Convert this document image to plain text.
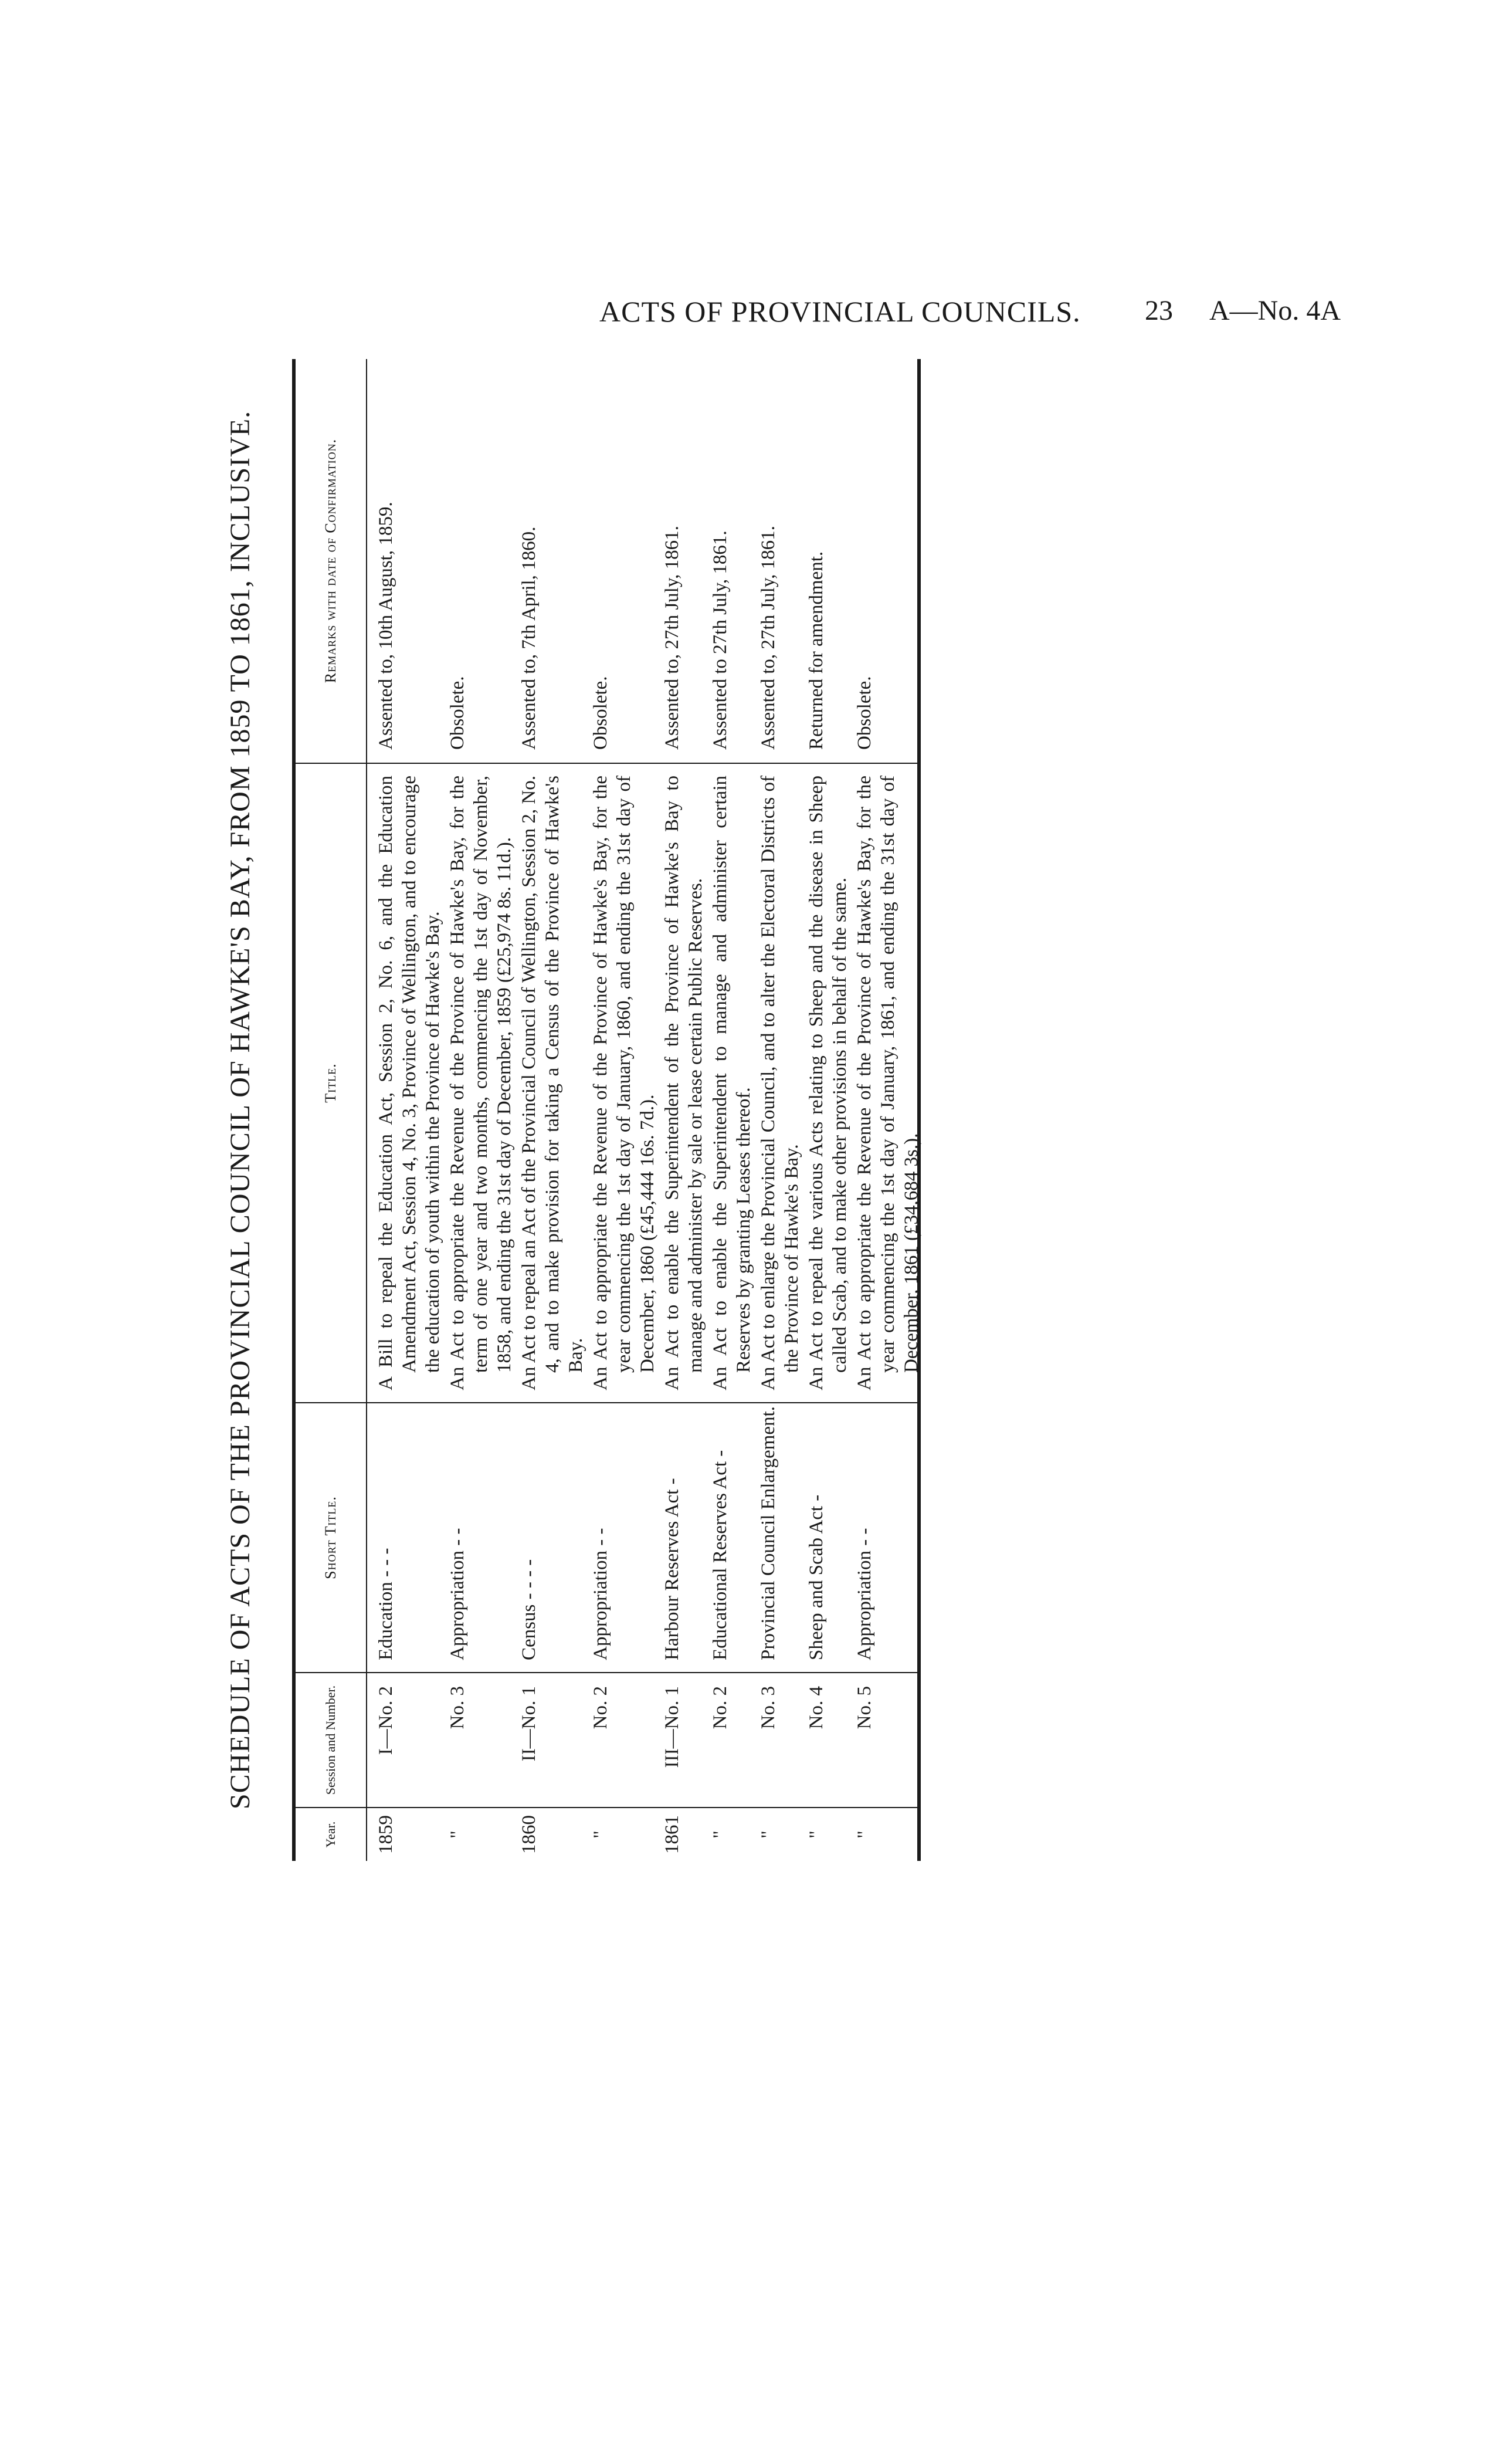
ACTS OF PROVINCIAL COUNCILS. 23 A—No. 4A
SCHEDULE OF ACTS OF THE PROVINCIAL COUNCIL OF HAWKE'S BAY, FROM 1859 TO 1861, INCLUSIVE.
Year.
Session and Number.
Short Title.
Title.
Remarks with date of Confirmation.
1859
I—No. 2
Education - - -
A Bill to repeal the Education Act, Session 2, No. 6, and the Education Amendment Act, Session 4, No. 3, Province of Wellington, and to encourage the education of youth within the Province of Hawke's Bay.
Assented to, 10th August, 1859.
"
No. 3
Appropriation - -
An Act to appropriate the Revenue of the Province of Hawke's Bay, for the term of one year and two months, commencing the 1st day of November, 1858, and ending the 31st day of December, 1859 (£25,974 8s. 11d.).
Obsolete.
1860
II—No. 1
Census - - - -
An Act to repeal an Act of the Provincial Council of Wellington, Session 2, No. 4, and to make provision for taking a Census of the Province of Hawke's Bay.
Assented to, 7th April, 1860.
"
No. 2
Appropriation - -
An Act to appropriate the Revenue of the Province of Hawke's Bay, for the year commencing the 1st day of January, 1860, and ending the 31st day of December, 1860 (£45,444 16s. 7d.).
Obsolete.
1861
III—No. 1
Harbour Reserves Act -
An Act to enable the Superintendent of the Province of Hawke's Bay to manage and administer by sale or lease certain Public Reserves.
Assented to, 27th July, 1861.
"
No. 2
Educational Reserves Act -
An Act to enable the Superintendent to manage and administer certain Reserves by granting Leases thereof.
Assented to 27th July, 1861.
"
No. 3
Provincial Council Enlargement.
An Act to enlarge the Provincial Council, and to alter the Electoral Districts of the Province of Hawke's Bay.
Assented to, 27th July, 1861.
"
No. 4
Sheep and Scab Act -
An Act to repeal the various Acts relating to Sheep and the disease in Sheep called Scab, and to make other provisions in behalf of the same.
Returned for amendment.
"
No. 5
Appropriation - -
An Act to appropriate the Revenue of the Province of Hawke's Bay, for the year commencing the 1st day of January, 1861, and ending the 31st day of December, 1861 (£34,684 3s.).
Obsolete.
